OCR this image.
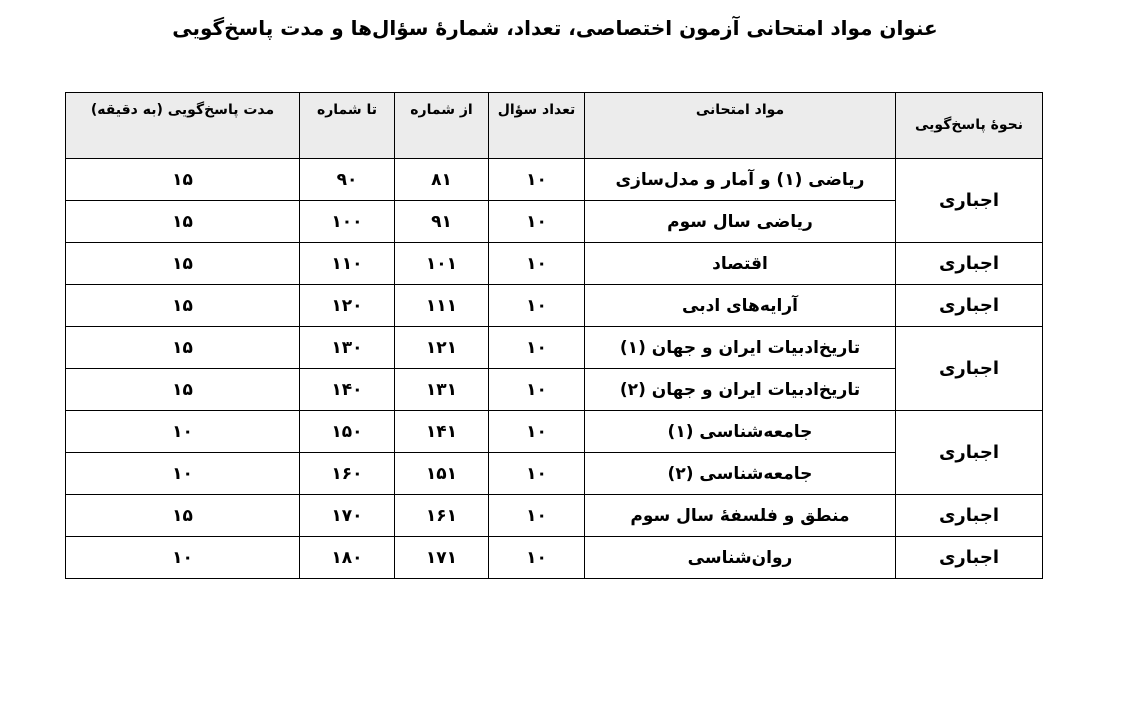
عنوان مواد امتحانی آزمون اختصاصی، تعداد، شمارهٔ سؤال‌ها و مدت پاسخ‌گویی
نحوهٔ پاسخ‌گویی	مواد امتحانی	تعداد سؤال	از شماره	تا شماره	مدت پاسخ‌گویی (به دقیقه)
اجباری	ریاضی (۱) و آمار و مدل‌سازی	۱۰	۸۱	۹۰	۱۵
	ریاضی سال سوم	۱۰	۹۱	۱۰۰	۱۵
اجباری	اقتصاد	۱۰	۱۰۱	۱۱۰	۱۵
اجباری	آرایه‌های ادبی	۱۰	۱۱۱	۱۲۰	۱۵
اجباری	تاریخ‌ادبیات ایران و جهان (۱)	۱۰	۱۲۱	۱۳۰	۱۵
	تاریخ‌ادبیات ایران و جهان (۲)	۱۰	۱۳۱	۱۴۰	۱۵
اجباری	جامعه‌شناسی (۱)	۱۰	۱۴۱	۱۵۰	۱۰
	جامعه‌شناسی (۲)	۱۰	۱۵۱	۱۶۰	۱۰
اجباری	منطق و فلسفهٔ سال سوم	۱۰	۱۶۱	۱۷۰	۱۵
اجباری	روان‌شناسی	۱۰	۱۷۱	۱۸۰	۱۰
